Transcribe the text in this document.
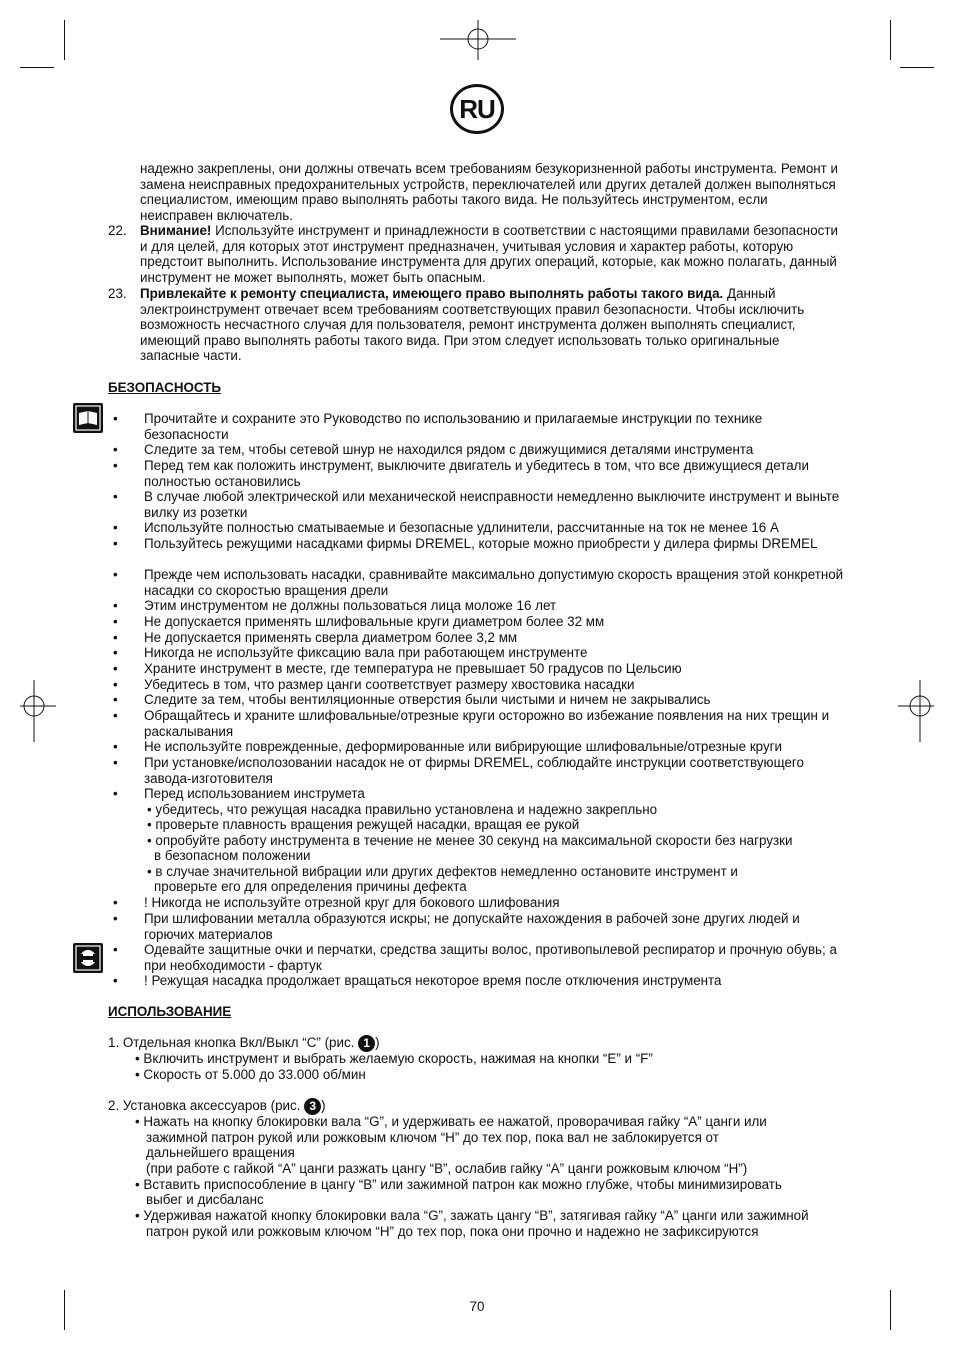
RU
надежно закреплены, они должны отвечать всем требованиям безукоризненной работы инструмента. Ремонт и замена неисправных предохранительных устройств, переключателей или других деталей должен выполняться специалистом, имеющим право выполнять работы такого вида. Не пользуйтесь инструментом, если неисправен включатель.
22. Внимание! Используйте инструмент и принадлежности в соответствии с настоящими правилами безопасности и для целей, для которых этот инструмент предназначен, учитывая условия и характер работы, которую предстоит выполнить. Использование инструмента для других операций, которые, как можно полагать, данный инструмент не может выполнять, может быть опасным.
23. Привлекайте к ремонту специалиста, имеющего право выполнять работы такого вида. Данный электроинструмент отвечает всем требованиям соответствующих правил безопасности. Чтобы исключить возможность несчастного случая для пользователя, ремонт инструмента должен выполнять специалист, имеющий право выполнять работы такого вида. При этом следует использовать только оригинальные запасные части.
БЕЗОПАСНОСТЬ
• Прочитайте и сохраните это Руководство по использованию и прилагаемые инструкции по технике безопасности
• Следите за тем, чтобы сетевой шнур не находился рядом с движущимися деталями инструмента
• Перед тем как положить инструмент, выключите двигатель и убедитесь в том, что все движущиеся детали полностью остановились
• В случае любой электрической или механической неисправности немедленно выключите инструмент и выньте вилку из розетки
• Используйте полностью сматываемые и безопасные удлинители, рассчитанные на ток не менее 16 А
• Пользуйтесь режущими насадками фирмы DREMEL, которые можно приобрести у дилера фирмы DREMEL
• Прежде чем использовать насадки, сравнивайте максимально допустимую скорость вращения этой конкретной насадки со скоростью вращения дрели
• Этим инструментом не должны пользоваться лица моложе 16 лет
• Не допускается применять шлифовальные круги диаметром более 32 мм
• Не допускается применять сверла диаметром более 3,2 мм
• Никогда не используйте фиксацию вала при работающем инструменте
• Храните инструмент в месте, где температура не превышает 50 градусов по Цельсию
• Убедитесь в том, что размер цанги соответствует размеру хвостовика насадки
• Следите за тем, чтобы вентиляционные отверстия были чистыми и ничем не закрывались
• Обращайтесь и храните шлифовальные/отрезные круги осторожно во избежание появления на них трещин и раскалывания
• Не используйте поврежденные, деформированные или вибрирующие шлифовальные/отрезные круги
• При установке/исполозовании насадок не от фирмы DREMEL, соблюдайте инструкции соответствующего завода-изготовителя
• Перед использованием инструмета
• убедитесь, что режущая насадка правильно установлена и надежно закрепльно
• проверьте плавность вращения режущей насадки, вращая ее рукой
• опробуйте работу инструмента в течение не менее 30 секунд на максимальной скорости без нагрузки
в безопасном положении
• в случае значительной вибрации или других дефектов немедленно остановите инструмент и
проверьте его для определения причины дефекта
• ! Никогда не используйте отрезной круг для бокового шлифования
• При шлифовании металла образуются искры; не допускайте нахождения в рабочей зоне других людей и горючих материалов
• Одевайте защитные очки и перчатки, средства защиты волос, противопылевой респиратор и прочную обувь; а при необходимости - фартук
• ! Режущая насадка продолжает вращаться некоторое время после отключения инструмента
ИСПОЛЬЗОВАНИЕ
1. Отдельная кнопка Вкл/Выкл “C” (рис. 1 )
• Включить инструмент и выбрать желаемую скорость, нажимая на кнопки “E” и “F”
• Скорость от 5.000 до 33.000 об/мин
2. Установка аксессуаров (рис. 3 )
• Нажать на кнопку блокировки вала “G”, и удерживать ее нажатой, проворачивая гайку “A” цанги или
зажимной патрон рукой или рожковым ключом “H” до тех пор, пока вал не заблокируется от
дальнейшего вращения
(при работе с гайкой “A” цанги разжать цангу “B”, ослабив гайку “A” цанги рожковым ключом “H”)
• Вставить приспособление в цангу “B” или зажимной патрон как можно глубже, чтобы минимизировать
выбег и дисбаланс
• Удерживая нажатой кнопку блокировки вала “G”, зажать цангу “B”, затягивая гайку “A” цанги или зажимной
патрон рукой или рожковым ключом “H” до тех пор, пока они прочно и надежно не зафиксируются
70
